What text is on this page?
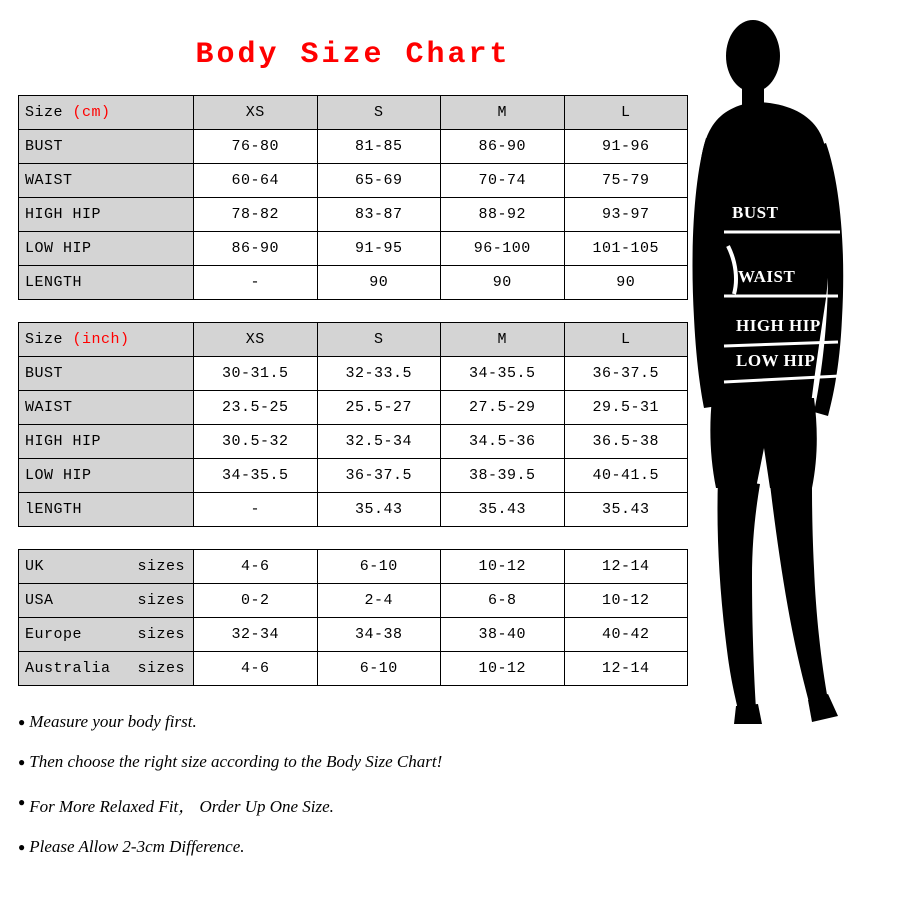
Body Size Chart
Size (cm)	XS	S	M	L
BUST	76-80	81-85	86-90	91-96
WAIST	60-64	65-69	70-74	75-79
HIGH HIP	78-82	83-87	88-92	93-97
LOW HIP	86-90	91-95	96-100	101-105
LENGTH	-	90	90	90
Size (inch)	XS	S	M	L
BUST	30-31.5	32-33.5	34-35.5	36-37.5
WAIST	23.5-25	25.5-27	27.5-29	29.5-31
HIGH HIP	30.5-32	32.5-34	34.5-36	36.5-38
LOW HIP	34-35.5	36-37.5	38-39.5	40-41.5
lENGTH	-	35.43	35.43	35.43
UK sizes	4-6	6-10	10-12	12-14

USA sizes	0-2	2-4	6-8	10-12

Europe sizes	32-34	34-38	38-40	40-42

Australia sizes	4-6	6-10	10-12	12-14
● Measure your body first.
● Then choose the right size according to the Body Size Chart!
● For More Relaxed Fit， Order Up One Size.
● Please Allow 2-3cm Difference.
BUST
WAIST
HIGH HIP
LOW HIP
